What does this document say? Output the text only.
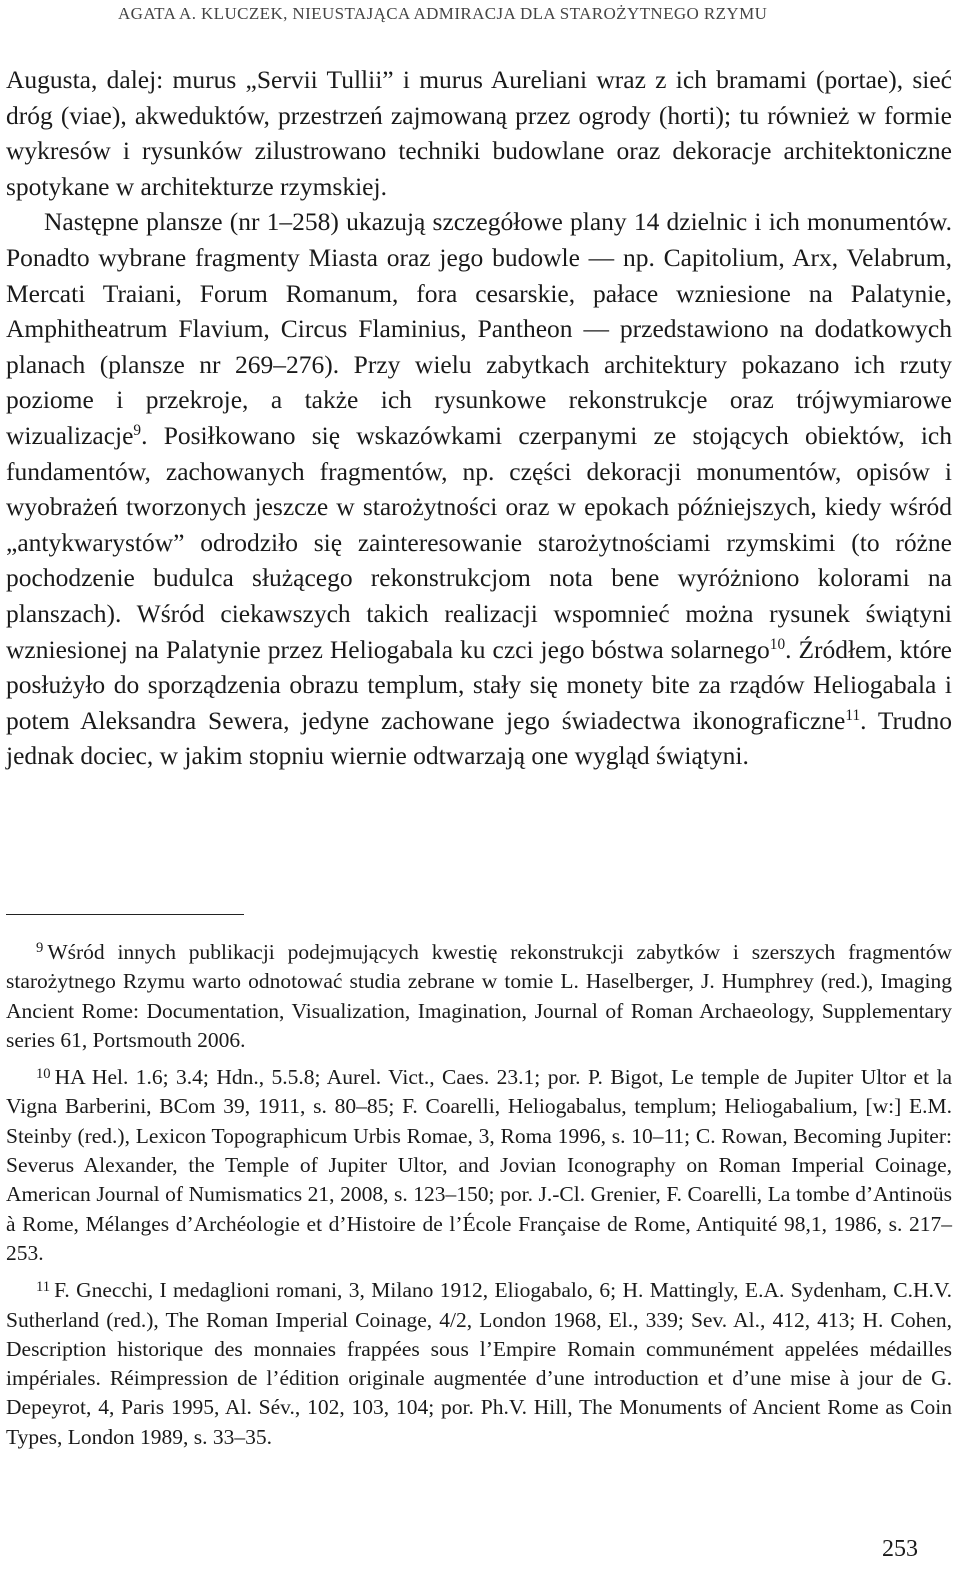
AGATA A. KLUCZEK, NIEUSTAJĄCA ADMIRACJA DLA STAROŻYTNEGO RZYMU

Augusta, dalej: murus „Servii Tullii” i murus Aureliani wraz z ich bramami (portae), sieć dróg (viae), akweduktów, przestrzeń zajmowaną przez ogrody (horti); tu również w formie wykresów i rysunków zilustrowano techniki budowlane oraz dekoracje architektoniczne spotykane w architekturze rzymskiej.

Następne plansze (nr 1–258) ukazują szczegółowe plany 14 dzielnic i ich monumentów. Ponadto wybrane fragmenty Miasta oraz jego budowle — np. Capitolium, Arx, Velabrum, Mercati Traiani, Forum Romanum, fora cesarskie, pałace wzniesione na Palatynie, Amphitheatrum Flavium, Circus Flaminius, Pantheon — przedstawiono na dodatkowych planach (plansze nr 269–276). Przy wielu zabytkach architektury pokazano ich rzuty poziome i przekroje, a także ich rysunkowe rekonstrukcje oraz trójwymiarowe wizualizacje$^9$. Posiłkowano się wskazówkami czerpanymi ze stojących obiektów, ich fundamentów, zachowanych fragmentów, np. części dekoracji monumentów, opisów i wyobrażeń tworzonych jeszcze w starożytności oraz w epokach późniejszych, kiedy wśród „antykwarystów” odrodziło się zainteresowanie starożytnościami rzymskimi (to różne pochodzenie budulca służącego rekonstrukcjom nota bene wyróżniono kolorami na planszach). Wśród ciekawszych takich realizacji wspomnieć można rysunek świątyni wzniesionej na Palatynie przez Heliogabala ku czci jego bóstwa solarnego$^{10}$. Źródłem, które posłużyło do sporządzenia obrazu templum, stały się monety bite za rządów Heliogabala i potem Aleksandra Sewera, jedyne zachowane jego świadectwa ikonograficzne$^{11}$. Trudno jednak dociec, w jakim stopniu wiernie odtwarzają one wygląd świątyni.

$^9$ Wśród innych publikacji podejmujących kwestię rekonstrukcji zabytków i szerszych fragmentów starożytnego Rzymu warto odnotować studia zebrane w tomie L. Haselberger, J. Humphrey (red.), Imaging Ancient Rome: Documentation, Visualization, Imagination, Journal of Roman Archaeology, Supplementary series 61, Portsmouth 2006.

$^{10}$ HA Hel. 1.6; 3.4; Hdn., 5.5.8; Aurel. Vict., Caes. 23.1; por. P. Bigot, Le temple de Jupiter Ultor et la Vigna Barberini, BCom 39, 1911, s. 80–85; F. Coarelli, Heliogabalus, templum; Heliogabalium, [w:] E.M. Steinby (red.), Lexicon Topographicum Urbis Romae, 3, Roma 1996, s. 10–11; C. Rowan, Becoming Jupiter: Severus Alexander, the Temple of Jupiter Ultor, and Jovian Iconography on Roman Imperial Coinage, American Journal of Numismatics 21, 2008, s. 123–150; por. J.-Cl. Grenier, F. Coarelli, La tombe d’Antinoüs à Rome, Mélanges d’Archéologie et d’Histoire de l’École Française de Rome, Antiquité 98,1, 1986, s. 217–253.

$^{11}$ F. Gnecchi, I medaglioni romani, 3, Milano 1912, Eliogabalo, 6; H. Mattingly, E.A. Sydenham, C.H.V. Sutherland (red.), The Roman Imperial Coinage, 4/2, London 1968, El., 339; Sev. Al., 412, 413; H. Cohen, Description historique des monnaies frappées sous l’Empire Romain communément appelées médailles impériales. Réimpression de l’édition originale augmentée d’une introduction et d’une mise à jour de G. Depeyrot, 4, Paris 1995, Al. Sév., 102, 103, 104; por. Ph.V. Hill, The Monuments of Ancient Rome as Coin Types, London 1989, s. 33–35.

253
